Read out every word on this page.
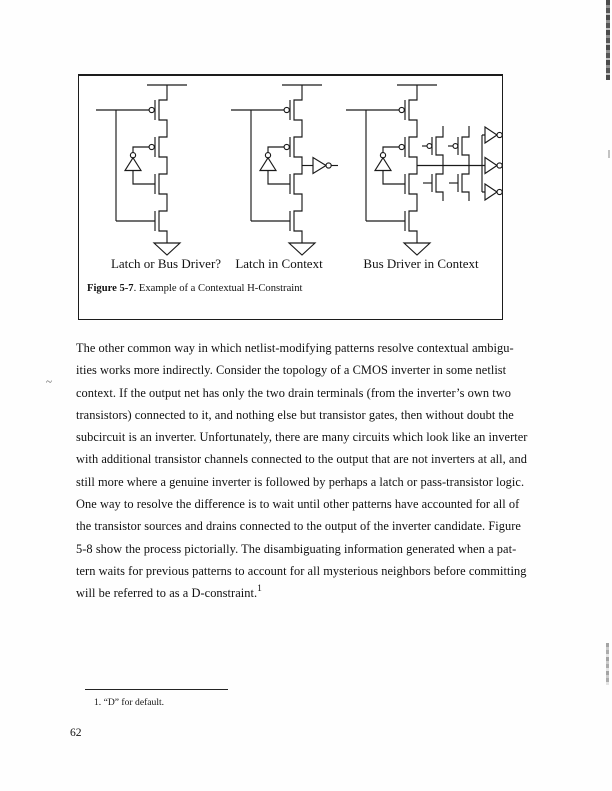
Latch or Bus Driver? Latch in Context	Bus Driver in Context
Figure 5-7. Example of a Contextual H-Constraint
The other common way in which netlist-modifying patterns resolve contextual ambigu-
ities works more indirectly. Consider the topology of a CMOS inverter in some netlist
context. If the output net has only the two drain terminals (from the inverter’s own two
transistors) connected to it, and nothing else but transistor gates, then without doubt the
subcircuit is an inverter. Unfortunately, there are many circuits which look like an inverter
with additional transistor channels connected to the output that are not inverters at all, and
still more where a genuine inverter is followed by perhaps a latch or pass-transistor logic.
One way to resolve the difference is to wait until other patterns have accounted for all of
the transistor sources and drains connected to the output of the inverter candidate. Figure
5-8 show the process pictorially. The disambiguating information generated when a pat-
tern waits for previous patterns to account for all mysterious neighbors before committing
will be referred to as a D-constraint.$^1$
1. “D” for default.
62
~
